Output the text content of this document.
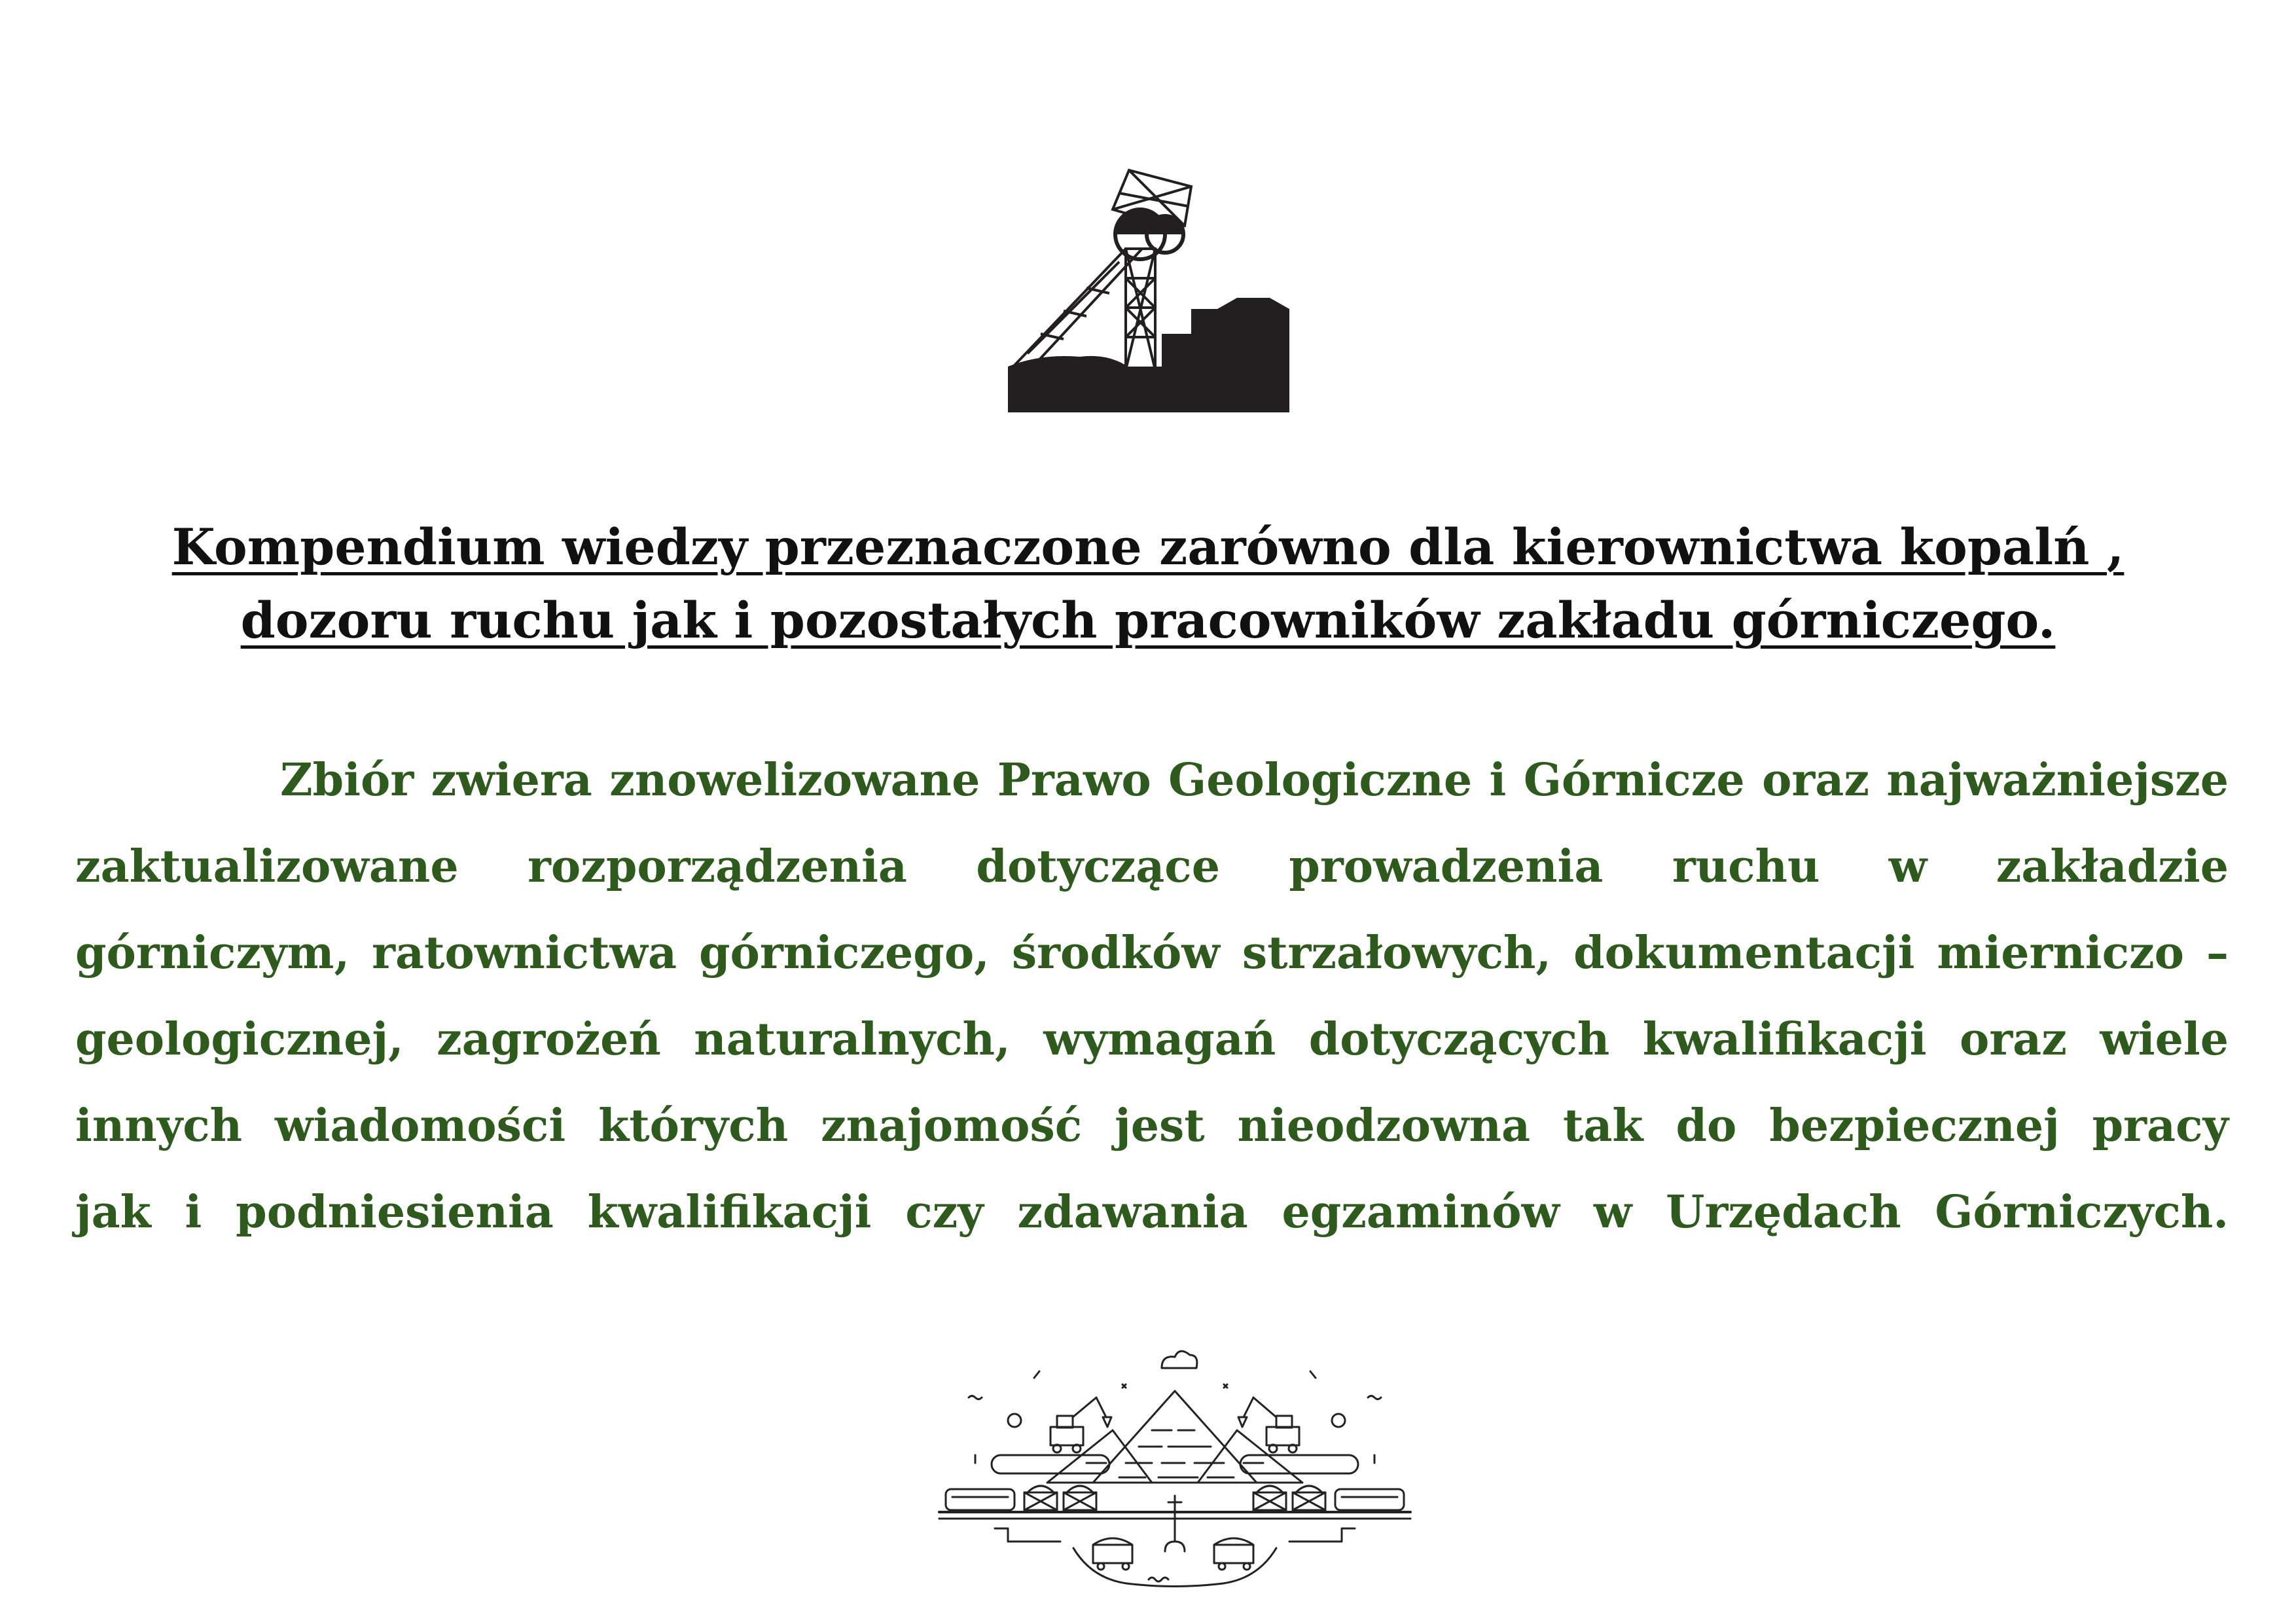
Kompendium wiedzy przeznaczone zarówno dla kierownictwa kopalń ,
dozoru ruchu jak i pozostałych pracowników zakładu górniczego.
Zbiór zwiera znowelizowane Prawo Geologiczne i Górnicze oraz najważniejsze
zaktualizowane rozporządzenia dotyczące prowadzenia ruchu w zakładzie
górniczym, ratownictwa górniczego, środków strzałowych, dokumentacji mierniczo –
geologicznej, zagrożeń naturalnych, wymagań dotyczących kwalifikacji oraz wiele
innych wiadomości których znajomość jest nieodzowna tak do bezpiecznej pracy
jak i podniesienia kwalifikacji czy zdawania egzaminów w Urzędach Górniczych.
